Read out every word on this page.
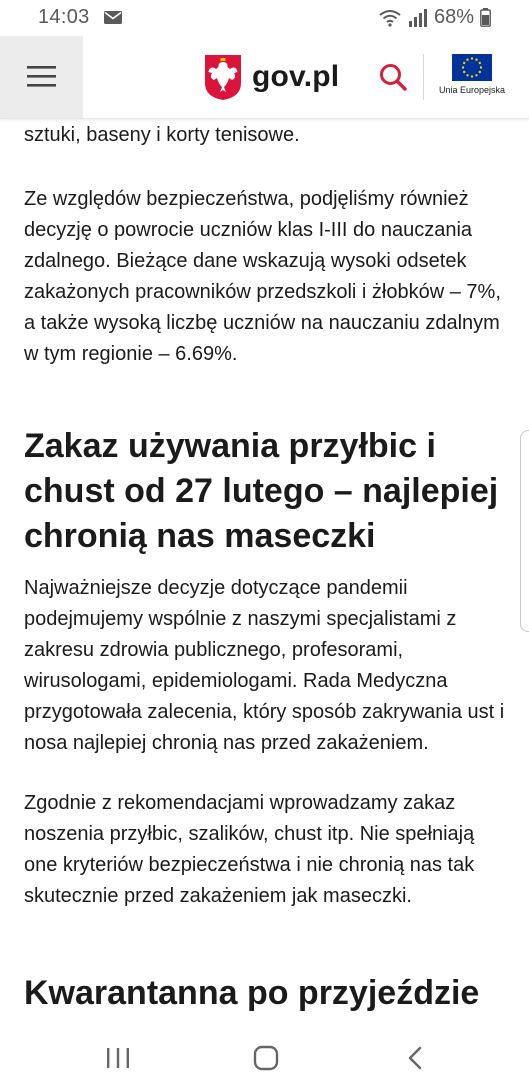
14:03	68%
gov.pl	Unia Europejska

sztuki, baseny i korty tenisowe.

Ze względów bezpieczeństwa, podjęliśmy również decyzję o powrocie uczniów klas I-III do nauczania zdalnego. Bieżące dane wskazują wysoki odsetek zakażonych pracowników przedszkoli i żłobków – 7%, a także wysoką liczbę uczniów na nauczaniu zdalnym w tym regionie – 6.69%.

Zakaz używania przyłbic i chust od 27 lutego – najlepiej chronią nas maseczki

Najważniejsze decyzje dotyczące pandemii podejmujemy wspólnie z naszymi specjalistami z zakresu zdrowia publicznego, profesorami, wirusologami, epidemiologami. Rada Medyczna przygotowała zalecenia, który sposób zakrywania ust i nosa najlepiej chronią nas przed zakażeniem.

Zgodnie z rekomendacjami wprowadzamy zakaz noszenia przyłbic, szalików, chust itp. Nie spełniają one kryteriów bezpieczeństwa i nie chronią nas tak skutecznie przed zakażeniem jak maseczki.

Kwarantanna po przyjeździe
